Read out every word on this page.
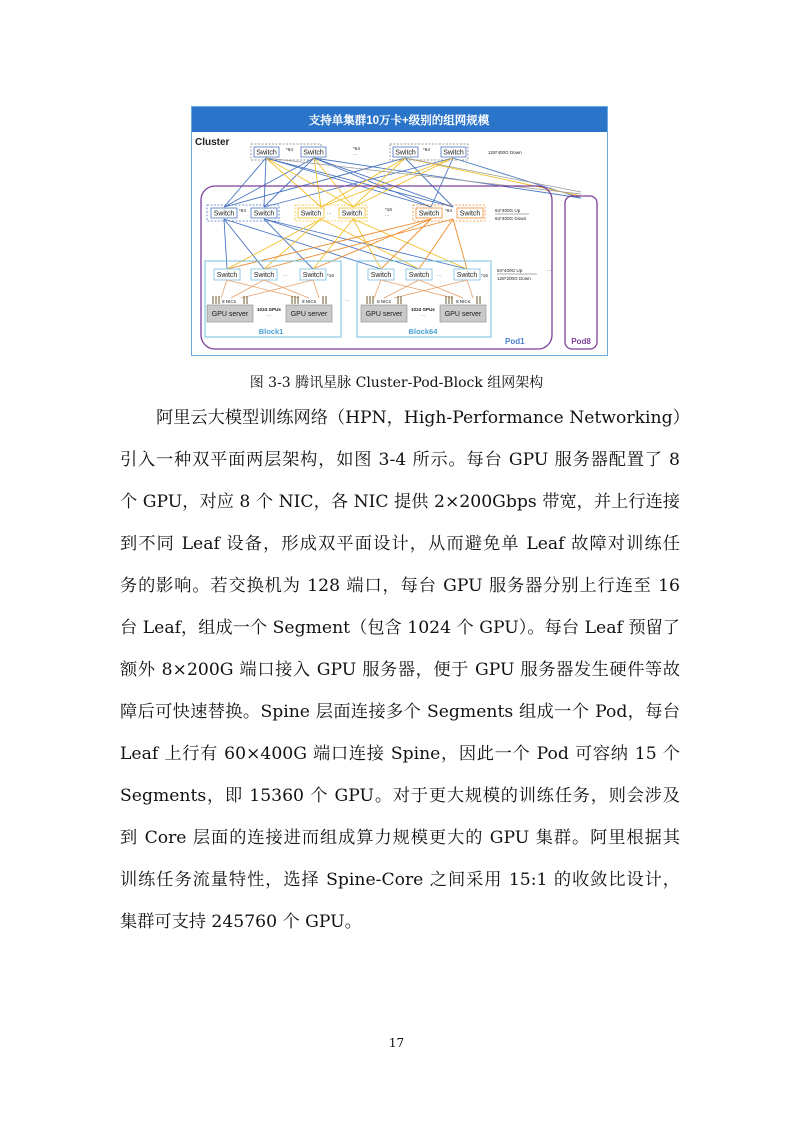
支持单集群10万卡+级别的组网规模
Cluster
Pod1	Pod8
Switch *64 Switch
*64
···	Switch *64 Switch	128*400G Down
Switch *64 Switch	Switch ··· Switch
*16
···	Switch *64 Switch	64*400G Up
64*400G Down
Block1	Block64
···
Switch Switch ··· Switch *16	Switch Switch ··· Switch *16
64*400G Up
128*200G Down
···
8 NICs
GPU server
1024 GPUs
···
8 NICs
GPU server
8 NICs
GPU server
1024 GPUs
···
8 NICs
GPU server
图 3-3 腾讯星脉 Cluster-Pod-Block 组网架构
阿里云大模型训练网络（HPN，High-Performance Networking）
引入一种双平面两层架构，如图 3-4 所示。每台 GPU 服务器配置了 8
个 GPU，对应 8 个 NIC，各 NIC 提供 2×200Gbps 带宽，并上行连接
到不同 Leaf 设备，形成双平面设计，从而避免单 Leaf 故障对训练任
务的影响。若交换机为 128 端口，每台 GPU 服务器分别上行连至 16
台 Leaf，组成一个 Segment（包含 1024 个 GPU）。每台 Leaf 预留了
额外 8×200G 端口接入 GPU 服务器，便于 GPU 服务器发生硬件等故
障后可快速替换。Spine 层面连接多个 Segments 组成一个 Pod，每台
Leaf 上行有 60×400G 端口连接 Spine，因此一个 Pod 可容纳 15 个
Segments，即 15360 个 GPU。对于更大规模的训练任务，则会涉及
到 Core 层面的连接进而组成算力规模更大的 GPU 集群。阿里根据其
训练任务流量特性，选择 Spine-Core 之间采用 15:1 的收敛比设计，
集群可支持 245760 个 GPU。
17
